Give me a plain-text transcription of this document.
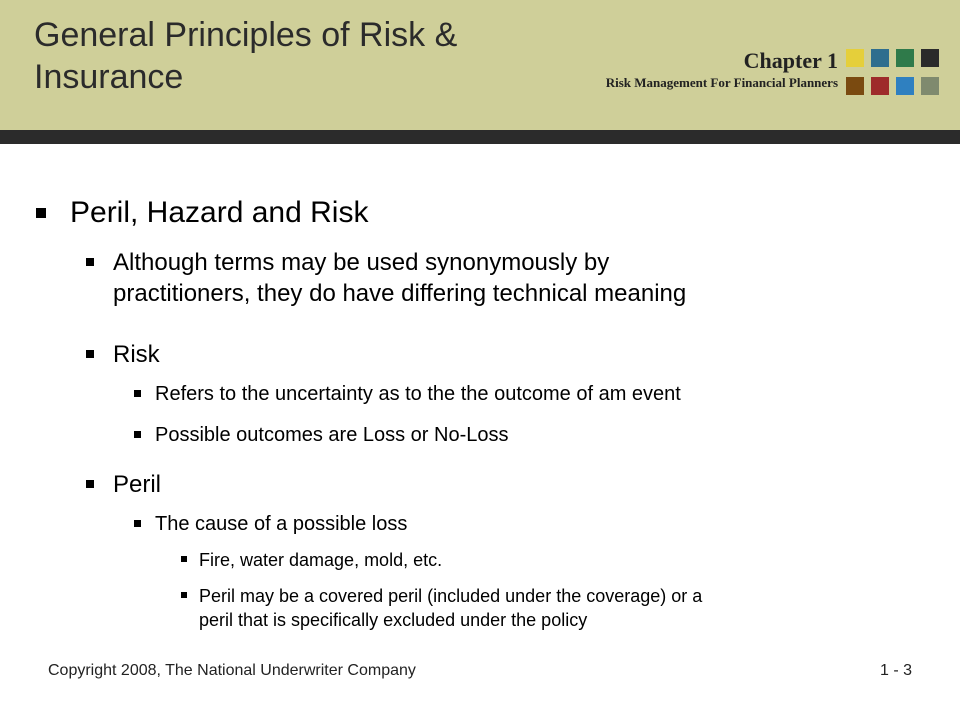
General Principles of Risk &
Insurance	Chapter 1
Risk Management For Financial Planners
Peril, Hazard and Risk
Although terms may be used synonymously by
practitioners, they do have differing technical meaning
Risk
Refers to the uncertainty as to the the outcome of am event
Possible outcomes are Loss or No-Loss
Peril
The cause of a possible loss
Fire, water damage, mold, etc.
Peril may be a covered peril (included under the coverage) or a
peril that is specifically excluded under the policy
Copyright 2008, The National Underwriter Company	1 - 3
